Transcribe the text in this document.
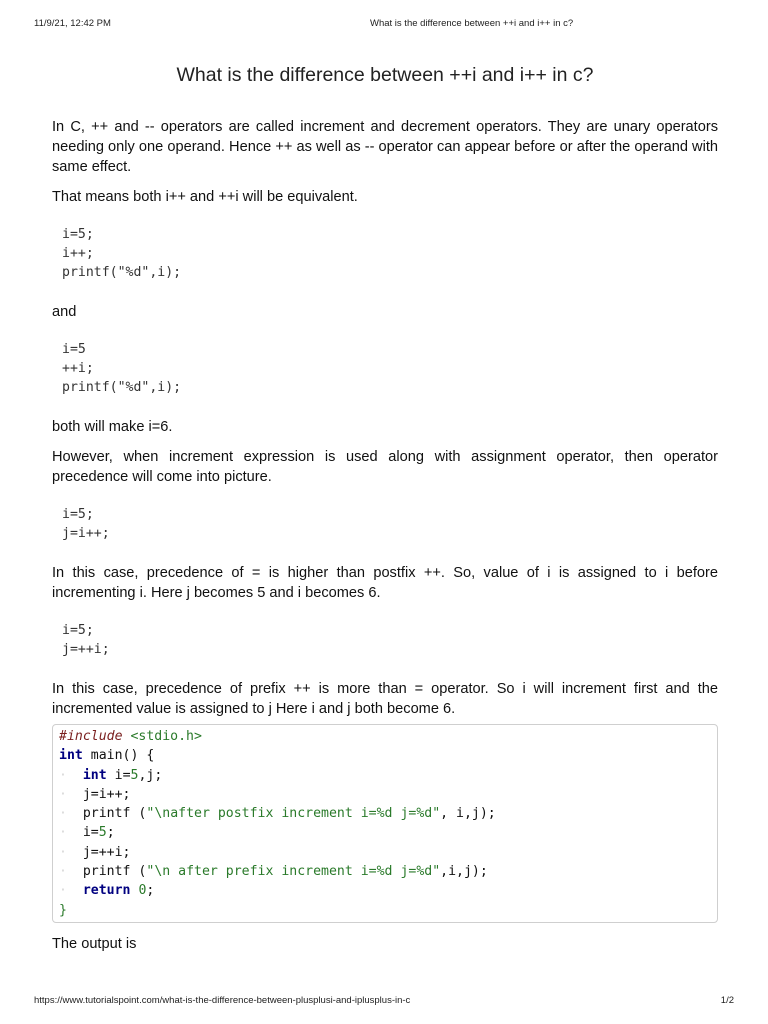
11/9/21, 12:42 PM	What is the difference between ++i and i++ in c?
What is the difference between ++i and i++ in c?

In C, ++ and -- operators are called increment and decrement operators. They are unary operators needing only one operand. Hence ++ as well as -- operator can appear before or after the operand with same effect.

That means both i++ and ++i will be equivalent.

i=5;
i++;
printf("%d",i);

and

i=5
++i;
printf("%d",i);

both will make i=6.

However, when increment expression is used along with assignment operator, then operator precedence will come into picture.

i=5;
j=i++;

In this case, precedence of = is higher than postfix ++. So, value of i is assigned to i before incrementing i. Here j becomes 5 and i becomes 6.

i=5;
j=++i;

In this case, precedence of prefix ++ is more than = operator. So i will increment first and the incremented value is assigned to j Here i and j both become 6.

#include <stdio.h>
int main() {
· int i=5,j;
· j=i++;
· printf ("\nafter postfix increment i=%d j=%d", i,j);
· i=5;
· j=++i;
· printf ("\n after prefix increment i=%d j=%d",i,j);
· return 0;
}

The output is

https://www.tutorialspoint.com/what-is-the-difference-between-plusplusi-and-iplusplus-in-c	1/2
